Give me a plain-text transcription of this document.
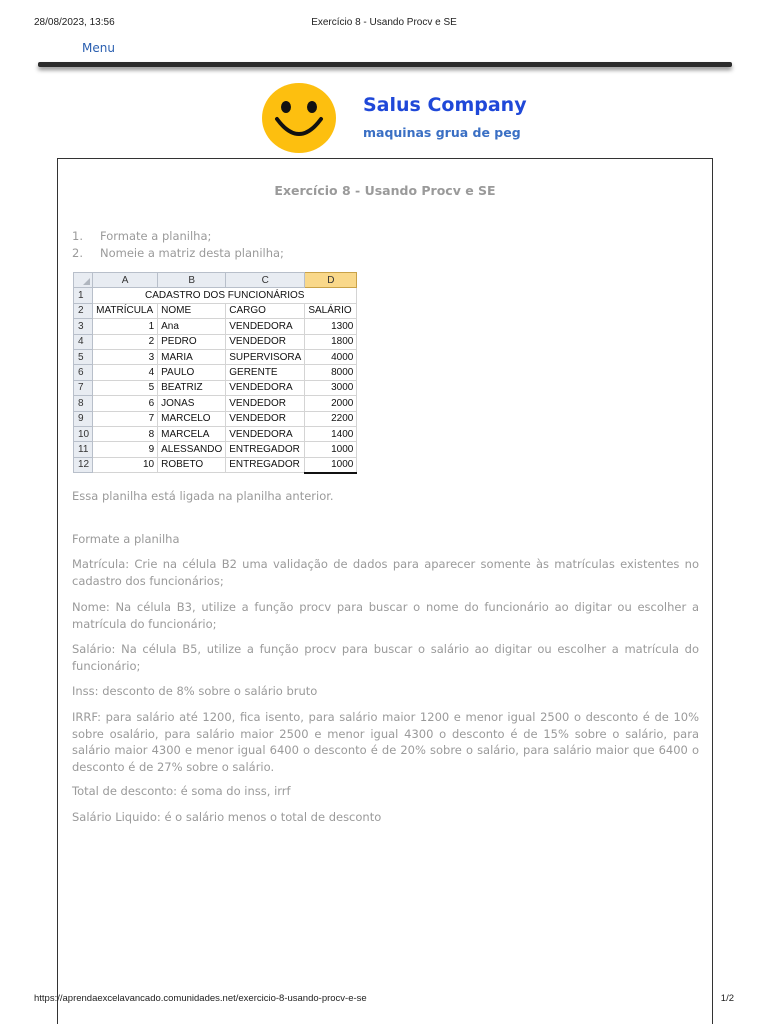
28/08/2023, 13:56	Exercício 8 - Usando Procv e SE
Menu
Salus Company
maquinas grua de peg
Exercício 8 - Usando Procv e SE
1.	Formate a planilha;
2.	Nomeie a matriz desta planilha;
	A	B	C	D
1	CADASTRO DOS FUNCIONÁRIOS			
2	MATRÍCULA	NOME	CARGO	SALÁRIO
3	1	Ana	VENDEDORA	1300
4	2	PEDRO	VENDEDOR	1800
5	3	MARIA	SUPERVISORA	4000
6	4	PAULO	GERENTE	8000
7	5	BEATRIZ	VENDEDORA	3000
8	6	JONAS	VENDEDOR	2000
9	7	MARCELO	VENDEDOR	2200
10	8	MARCELA	VENDEDORA	1400
11	9	ALESSANDO	ENTREGADOR	1000
12	10	ROBETO	ENTREGADOR	1000

Essa planilha está ligada na planilha anterior.

Formate a planilha

Matrícula: Crie na célula B2 uma validação de dados para aparecer somente às matrículas existentes no cadastro dos funcionários;

Nome: Na célula B3, utilize a função procv para buscar o nome do funcionário ao digitar ou escolher a matrícula do funcionário;

Salário: Na célula B5, utilize a função procv para buscar o salário ao digitar ou escolher a matrícula do funcionário;

Inss: desconto de 8% sobre o salário bruto

IRRF: para salário até 1200, fica isento, para salário maior 1200 e menor igual 2500 o desconto é de 10% sobre osalário, para salário maior 2500 e menor igual 4300 o desconto é de 15% sobre o salário, para salário maior 4300 e menor igual 6400 o desconto é de 20% sobre o salário, para salário maior que 6400 o desconto é de 27% sobre o salário.

Total de desconto: é soma do inss, irrf

Salário Liquido: é o salário menos o total de desconto

https://aprendaexcelavancado.comunidades.net/exercicio-8-usando-procv-e-se	1/2
